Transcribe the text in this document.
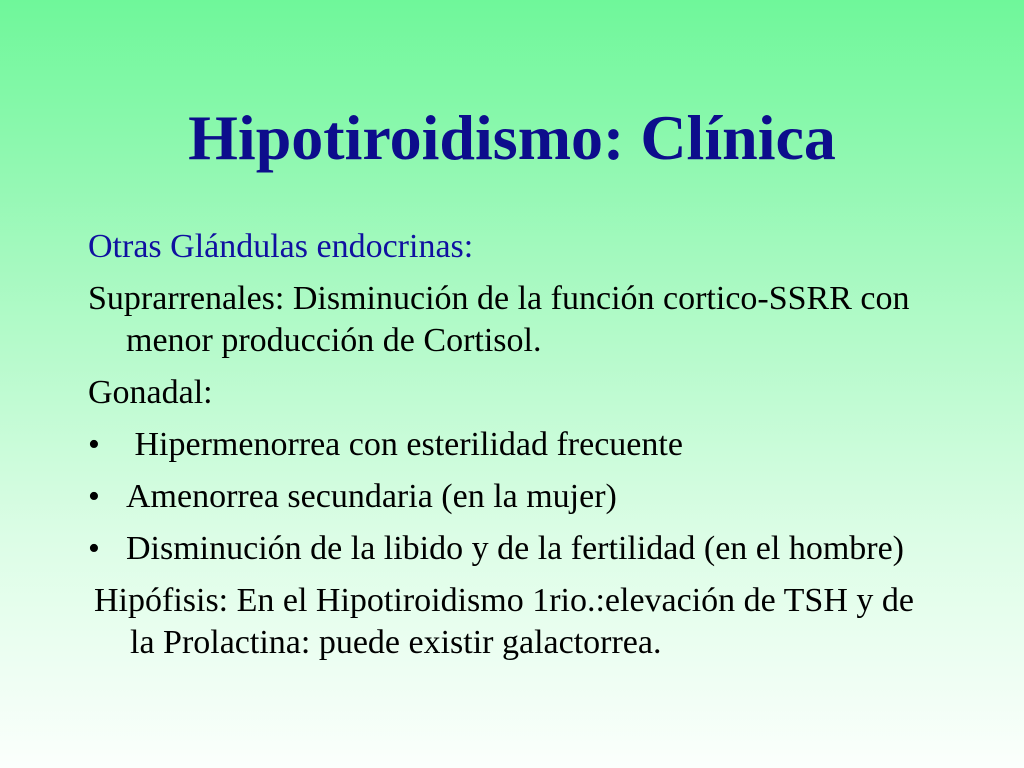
Hipotiroidismo: Clínica

Otras Glándulas endocrinas:

Suprarrenales: Disminución de la función cortico-SSRR con menor producción de Cortisol.

Gonadal:

• Hipermenorrea con esterilidad frecuente
• Amenorrea secundaria (en la mujer)
• Disminución de la libido y de la fertilidad (en el hombre)

Hipófisis: En el Hipotiroidismo 1rio.:elevación de TSH y de la Prolactina: puede existir galactorrea.
